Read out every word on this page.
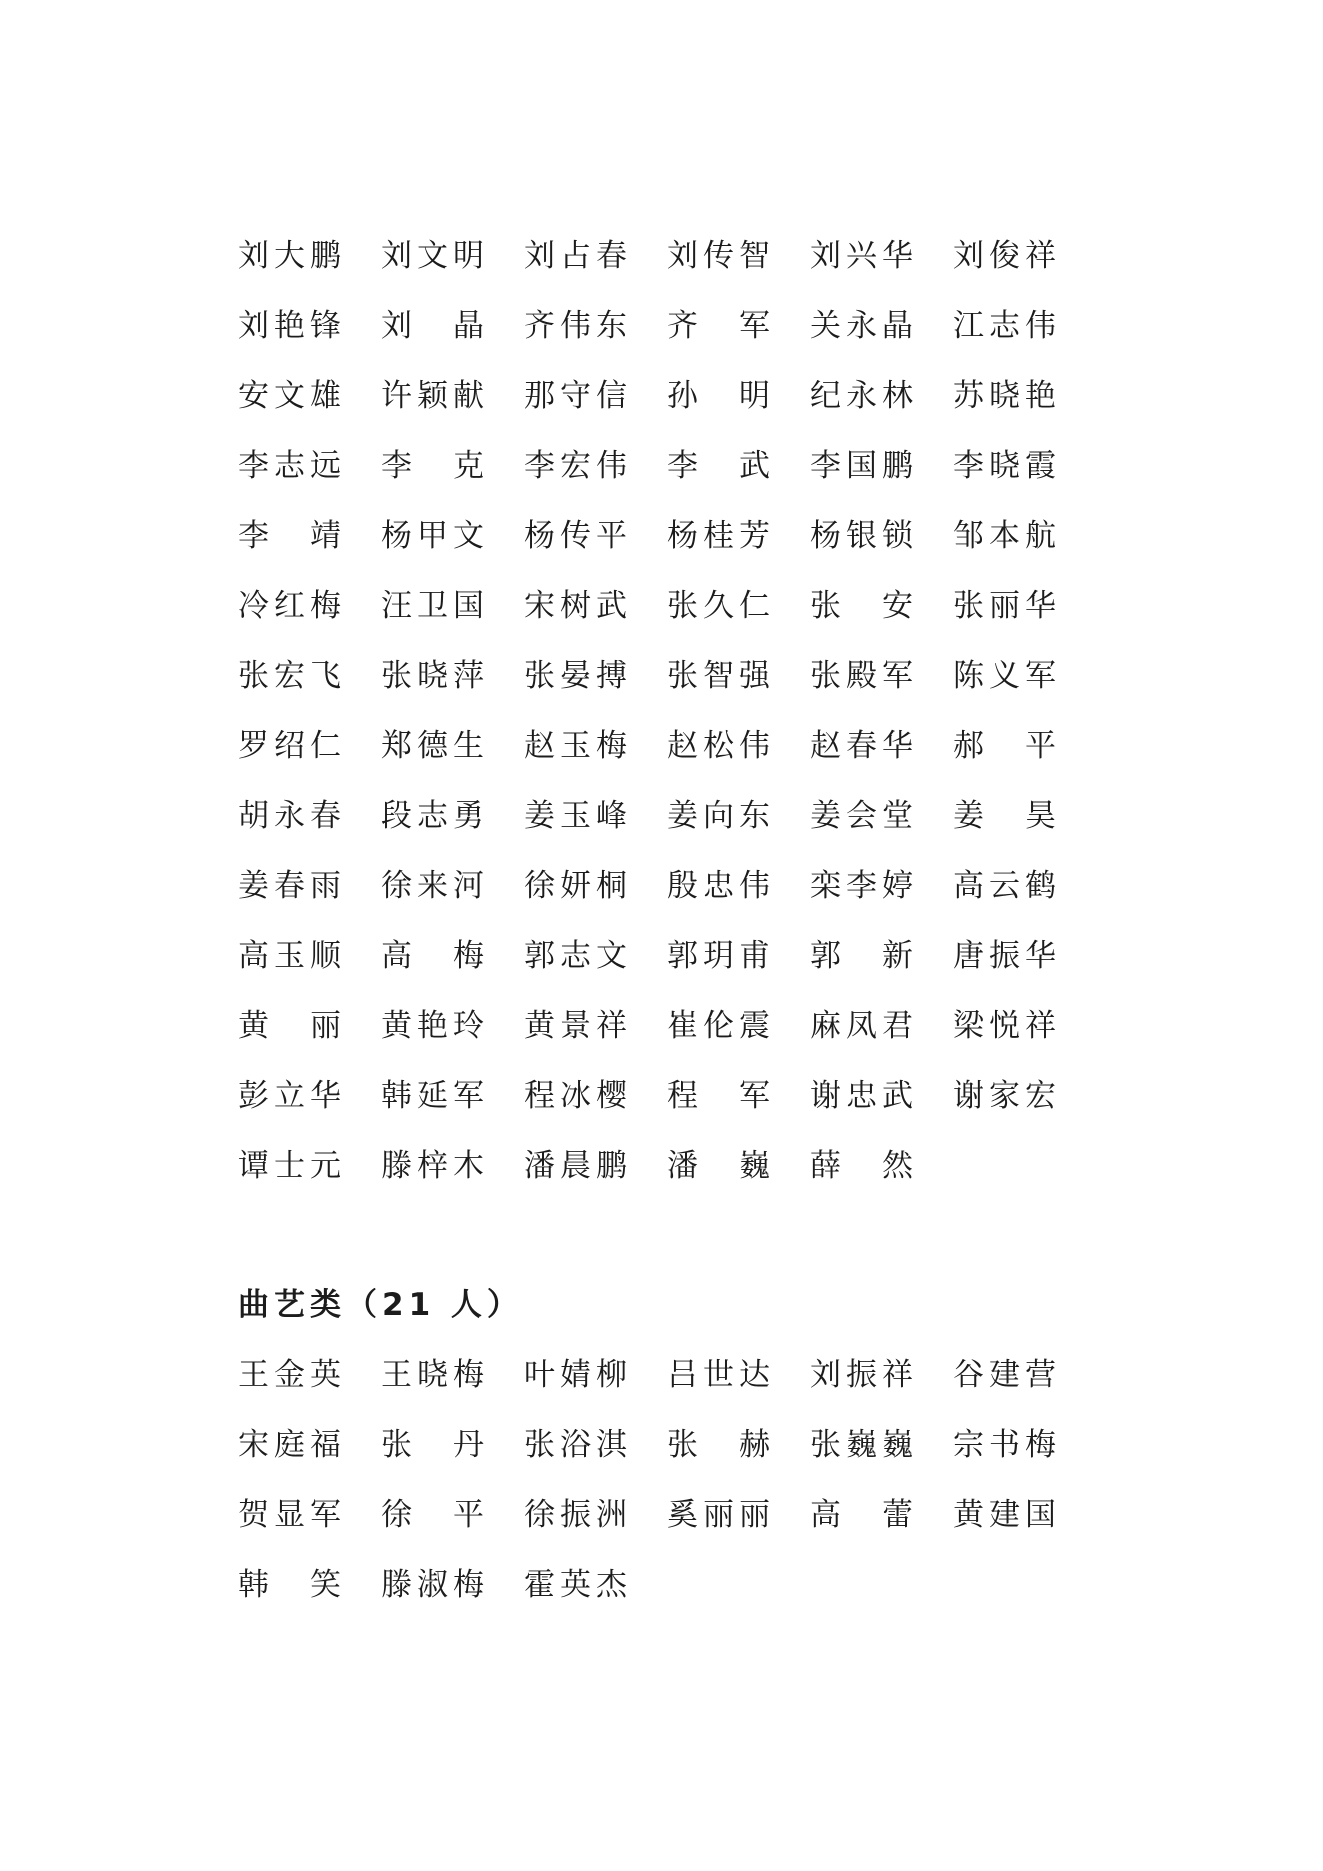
刘大鹏	刘文明	刘占春	刘传智	刘兴华	刘俊祥
刘艳锋	刘　晶	齐伟东	齐　军	关永晶	江志伟
安文雄	许颖献	那守信	孙　明	纪永林	苏晓艳
李志远	李　克	李宏伟	李　武	李国鹏	李晓霞
李　靖	杨甲文	杨传平	杨桂芳	杨银锁	邹本航
冷红梅	汪卫国	宋树武	张久仁	张　安	张丽华
张宏飞	张晓萍	张晏搏	张智强	张殿军	陈义军
罗绍仁	郑德生	赵玉梅	赵松伟	赵春华	郝　平
胡永春	段志勇	姜玉峰	姜向东	姜会堂	姜　昊
姜春雨	徐来河	徐妍桐	殷忠伟	栾李婷	高云鹤
高玉顺	高　梅	郭志文	郭玥甫	郭　新	唐振华
黄　丽	黄艳玲	黄景祥	崔伦震	麻凤君	梁悦祥
彭立华	韩延军	程冰樱	程　军	谢忠武	谢家宏
谭士元	滕梓木	潘晨鹏	潘　巍	薛　然
曲艺类（21 人）
王金英	王晓梅	叶婧柳	吕世达	刘振祥	谷建营
宋庭福	张　丹	张浴淇	张　赫	张巍巍	宗书梅
贺显军	徐　平	徐振洲	奚丽丽	高　蕾	黄建国
韩　笑	滕淑梅	霍英杰
